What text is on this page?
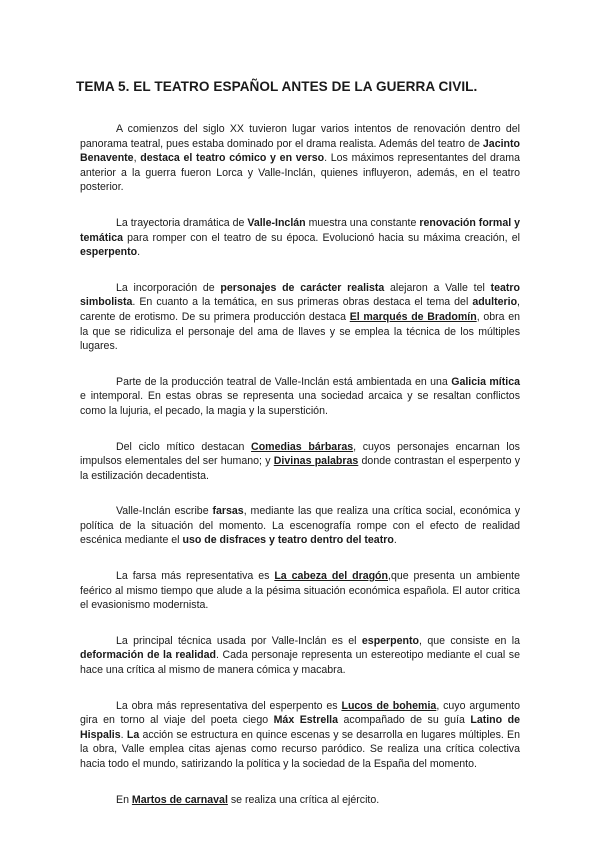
TEMA 5. EL TEATRO ESPAÑOL ANTES DE LA GUERRA CIVIL.

A comienzos del siglo XX tuvieron lugar varios intentos de renovación dentro del panorama teatral, pues estaba dominado por el drama realista. Además del teatro de Jacinto Benavente, destaca el teatro cómico y en verso. Los máximos representantes del drama anterior a la guerra fueron Lorca y Valle-Inclán, quienes influyeron, además, en el teatro posterior.

La trayectoria dramática de Valle-Inclán muestra una constante renovación formal y temática para romper con el teatro de su época. Evolucionó hacia su máxima creación, el esperpento.

La incorporación de personajes de carácter realista alejaron a Valle tel teatro simbolista. En cuanto a la temática, en sus primeras obras destaca el tema del adulterio, carente de erotismo. De su primera producción destaca El marqués de Bradomín, obra en la que se ridiculiza el personaje del ama de llaves y se emplea la técnica de los múltiples lugares.

Parte de la producción teatral de Valle-Inclán está ambientada en una Galicia mítica e intemporal. En estas obras se representa una sociedad arcaica y se resaltan conflictos como la lujuria, el pecado, la magia y la superstición.

Del ciclo mítico destacan Comedias bárbaras, cuyos personajes encarnan los impulsos elementales del ser humano; y Divinas palabras donde contrastan el esperpento y la estilización decadentista.

Valle-Inclán escribe farsas, mediante las que realiza una crítica social, económica y política de la situación del momento. La escenografía rompe con el efecto de realidad escénica mediante el uso de disfraces y teatro dentro del teatro.

La farsa más representativa es La cabeza del dragón,que presenta un ambiente feérico al mismo tiempo que alude a la pésima situación económica española. El autor critica el evasionismo modernista.

La principal técnica usada por Valle-Inclán es el esperpento, que consiste en la deformación de la realidad. Cada personaje representa un estereotipo mediante el cual se hace una crítica al mismo de manera cómica y macabra.

La obra más representativa del esperpento es Lucos de bohemia, cuyo argumento gira en torno al viaje del poeta ciego Máx Estrella acompañado de su guía Latino de Hispalis. La acción se estructura en quince escenas y se desarrolla en lugares múltiples. En la obra, Valle emplea citas ajenas como recurso paródico. Se realiza una crítica colectiva hacia todo el mundo, satirizando la política y la sociedad de la España del momento.

En Martos de carnaval se realiza una crítica al ejército.
